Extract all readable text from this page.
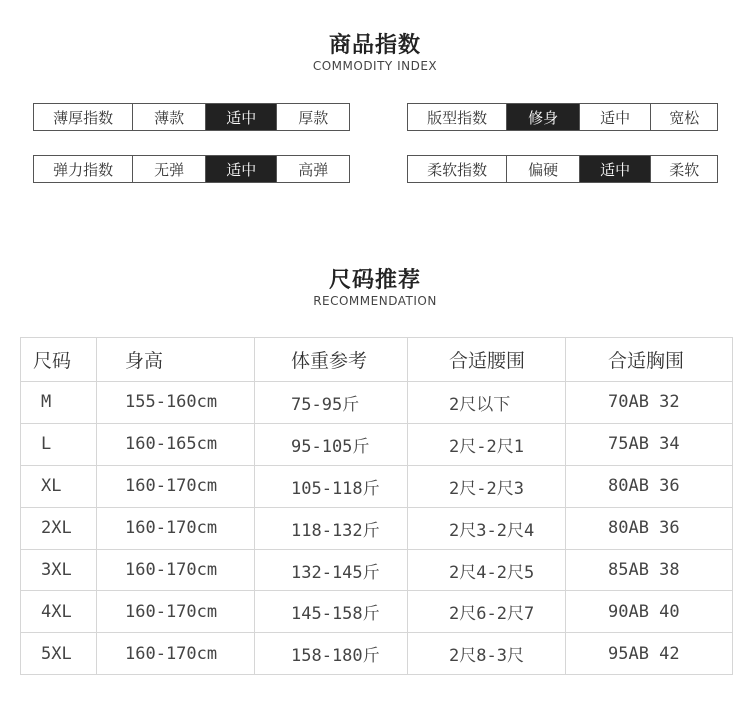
商品指数
COMMODITY INDEX
薄厚指数	薄款	适中	厚款	版型指数	修身	适中	宽松
弹力指数	无弹	适中	高弹	柔软指数	偏硬	适中	柔软
尺码推荐
RECOMMENDATION
尺码	身高	体重参考	合适腰围	合适胸围
M	155-160cm	75-95斤	2尺以下	70AB 32
L	160-165cm	95-105斤	2尺-2尺1	75AB 34
XL	160-170cm	105-118斤	2尺-2尺3	80AB 36
2XL	160-170cm	118-132斤	2尺3-2尺4	80AB 36
3XL	160-170cm	132-145斤	2尺4-2尺5	85AB 38
4XL	160-170cm	145-158斤	2尺6-2尺7	90AB 40
5XL	160-170cm	158-180斤	2尺8-3尺	95AB 42
